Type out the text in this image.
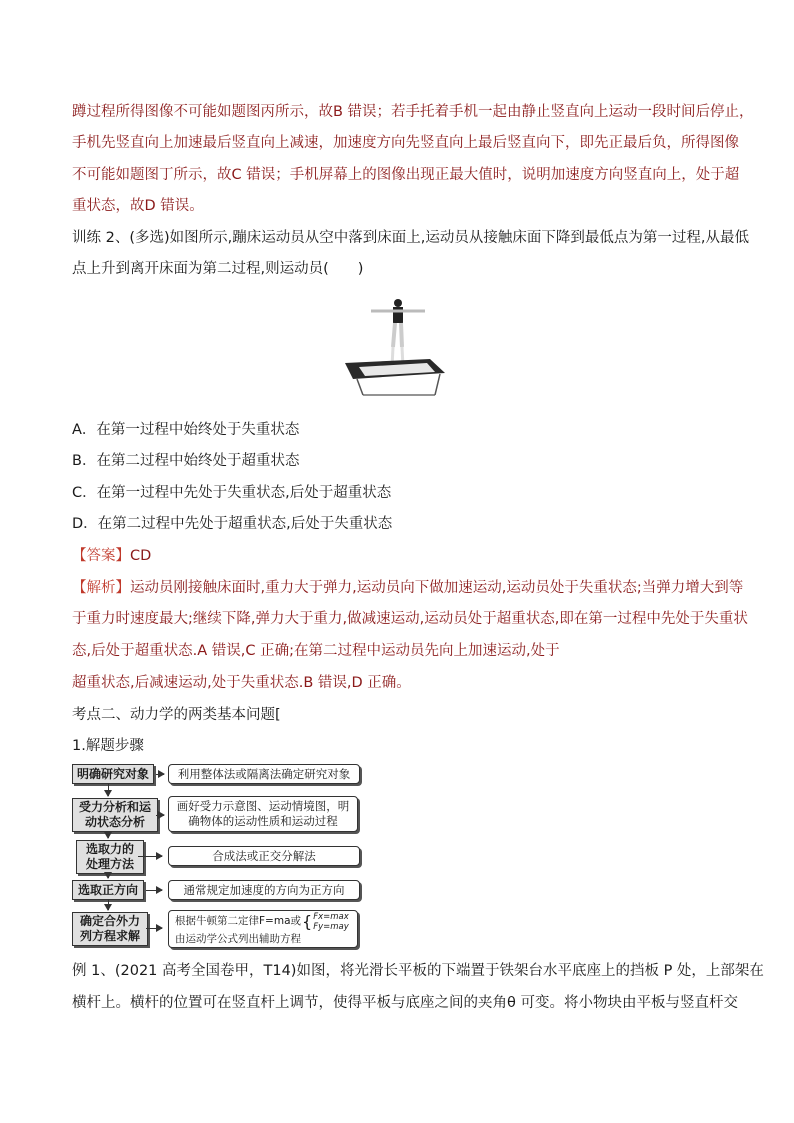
蹲过程所得图像不可能如题图丙所示，故B 错误；若手托着手机一起由静止竖直向上运动一段时间后停止，
手机先竖直向上加速最后竖直向上减速，加速度方向先竖直向上最后竖直向下，即先正最后负，所得图像
不可能如题图丁所示，故C 错误；手机屏幕上的图像出现正最大值时，说明加速度方向竖直向上，处于超
重状态，故D 错误。
训练 2、(多选)如图所示,蹦床运动员从空中落到床面上,运动员从接触床面下降到最低点为第一过程,从最低
点上升到离开床面为第二过程,则运动员(　　)
A．在第一过程中始终处于失重状态
B．在第二过程中始终处于超重状态
C．在第一过程中先处于失重状态,后处于超重状态
D．在第二过程中先处于超重状态,后处于失重状态
【答案】CD
【解析】运动员刚接触床面时,重力大于弹力,运动员向下做加速运动,运动员处于失重状态;当弹力增大到等
于重力时速度最大;继续下降,弹力大于重力,做减速运动,运动员处于超重状态,即在第一过程中先处于失重状
态,后处于超重状态.A 错误,C 正确;在第二过程中运动员先向上加速运动,处于
超重状态,后减速运动,处于失重状态.B 错误,D 正确。
考点二、动力学的两类基本问题[
1.解题步骤
明确研究对象
受力分析和运动状态分析
选取力的处理方法
选取正方向
确定合外力列方程求解
利用整体法或隔离法确定研究对象
画好受力示意图、运动情境图，明确物体的运动性质和运动过程
合成法或正交分解法
通常规定加速度的方向为正方向
根据牛顿第二定律F=ma或 { Fx=max
Fy=may
由运动学公式列出辅助方程
例 1、(2021 高考全国卷甲，T14)如图，将光滑长平板的下端置于铁架台水平底座上的挡板 P 处，上部架在
横杆上。横杆的位置可在竖直杆上调节，使得平板与底座之间的夹角θ 可变。将小物块由平板与竖直杆交
